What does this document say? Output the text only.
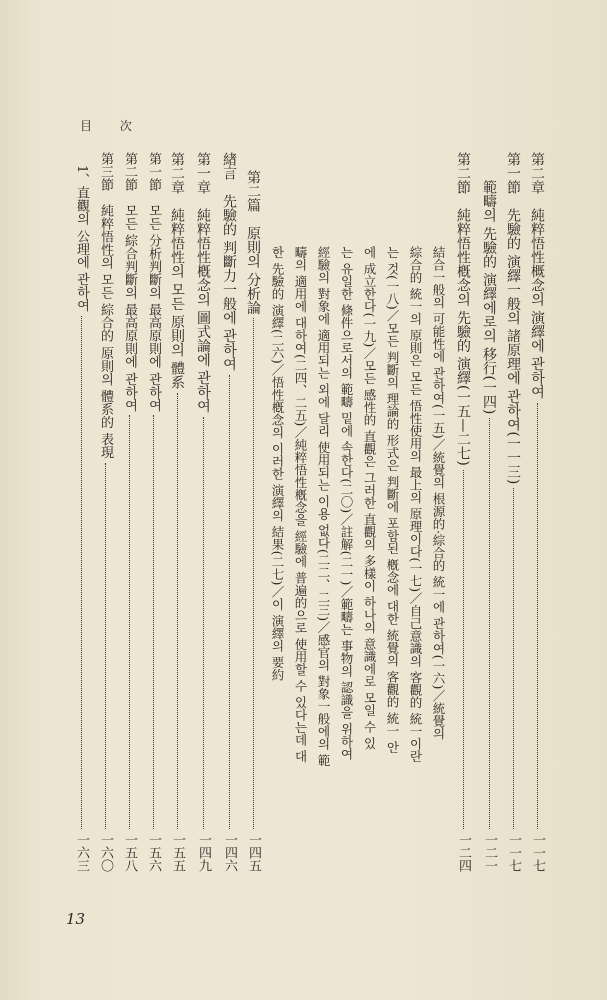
目 次
第二章　純粹悟性概念의 演繹에 관하여
一一七
第一節　先驗的 演繹一般의 諸原理에 관하여(一一三)
一一七
　　範疇의 先驗的 演繹에로의 移行(一四)
一二一
第二節　純粹悟性槪念의 先驗的 演繹(一五—二七)
一二四
結合一般의 可能性에 관하여(一五)／統覺의 根源的·綜合的 統一에 관하여(一六)／統覺의
綜合的 統一의 原則은 모든 悟性使用의 最上의 原理이다(一七)／自己意識의 客觀的 統一이란
는 것(一八)／모든 判斷의 理論的 形式은 判斷에 포함된 槪念에 대한 統覺의 客觀的 統一 안
에 成立한다(一九)／모든 感性的 直觀은 그러한 直觀의 多樣이 하나의 意識에로 모일 수 있
는 유일한 條件으로서의 範疇 밑에 속한다(二〇)／註解(二一)／範疇는 事物의 認識을 위하여
經驗의 對象에 適用되는 외에 달리 使用되는 이용 없다(二二、二三)／感官의 對象一般에의 範
疇의 適用에 대하여(二四、二五)／純粹悟性槪念을 經驗에 普遍的으로 使用할 수 있다는데 대
한 先驗的 演繹(二六)／悟性槪念의 이러한 演繹의 結果(二七)／이 演繹의 要約
第二篇　原則의 分析論
一四五
緖言　先驗的 判斷力一般에 관하여
一四六
第一章　純粹悟性槪念의 圖式論에 관하여
一四九
第二章　純粹悟性의 모든 原則의 體系
一五五
第一節　모든 分析判斷의 最高原則에 관하여
一五六
第二節　모든 綜合判斷의 最高原則에 관하여
一五八
第三節　純粹悟性의 모든 綜合的 原則의 體系的 表現
一六〇
　1、直觀의 公理에 관하여
一六三
13
